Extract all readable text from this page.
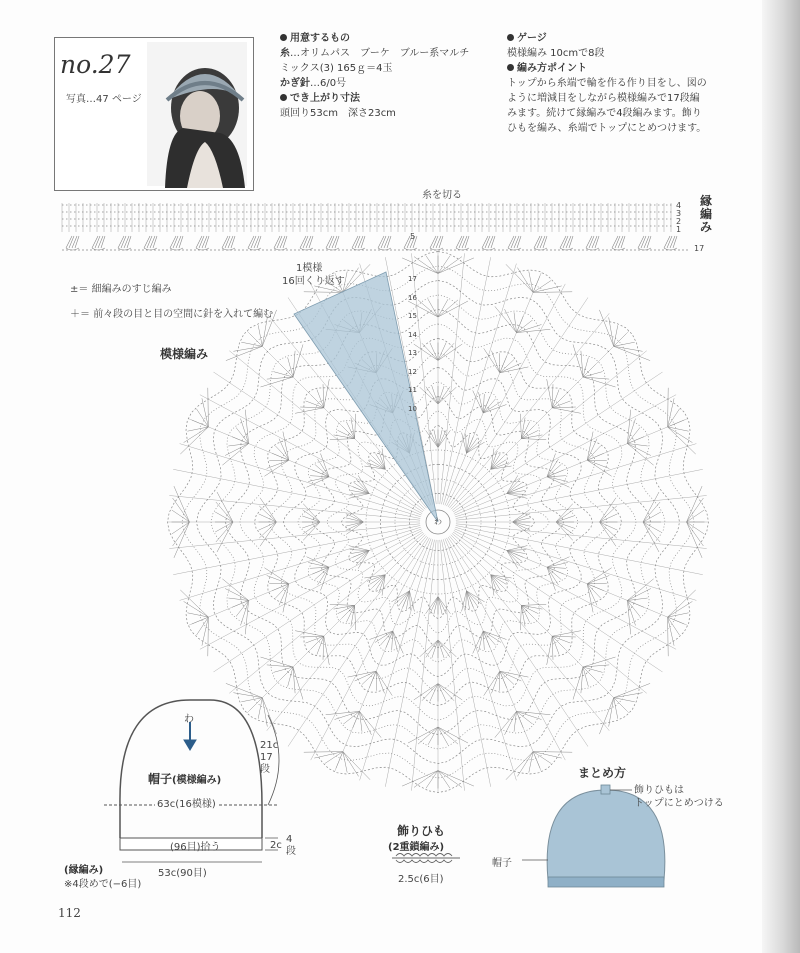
no.27
写真…47 ページ
用意するもの
糸…オリムパス　ブーケ　ブルー系マルチ
ミックス(3) 165ｇ＝4玉
かぎ針…6/0号
でき上がり寸法
頭回り53cm　深さ23cm
ゲージ
模様編み 10cmで8段
編み方ポイント
トップから糸端で輪を作る作り目をし、図の
ように増減目をしながら模様編みで17段編
みます。続けて縁編みで4段編みます。飾り
ひもを編み、糸端でトップにとめつけます。
糸を切る
4
3
2
1
17
5
縁編み
±＝ 細編みのすじ編み
＋＝ 前々段の目と目の空間に針を入れて編む
1模様
16回くり返す
模様編み
17
16
15
14
13
12
11
10
わ
わ
帽子(模様編み)
63c(16模様)
21c
17
段
(96目)拾う	2c
4
段
53c(90目)
(縁編み)
※4段めで(−6目)
飾りひも
(2重鎖編み)
2.5c(6目)
まとめ方
飾りひもは
トップにとめつける
帽子
112
